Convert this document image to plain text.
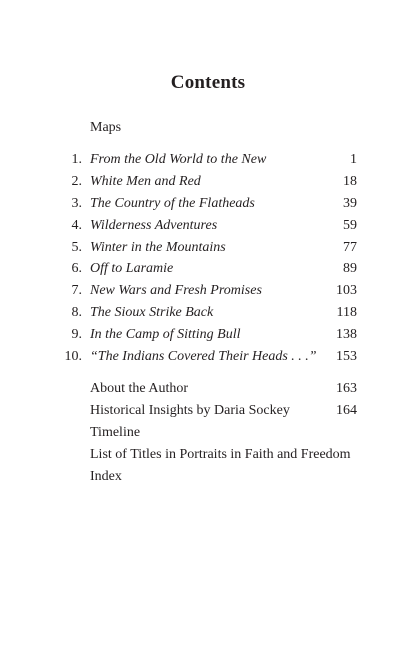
Contents
Maps
1. From the Old World to the New	1
2. White Men and Red	18
3. The Country of the Flatheads	39
4. Wilderness Adventures	59
5. Winter in the Mountains	77
6. Off to Laramie	89
7. New Wars and Fresh Promises	103
8. The Sioux Strike Back	118
9. In the Camp of Sitting Bull	138
10. “The Indians Covered Their Heads . . .” 153
About the Author	163
Historical Insights by Daria Sockey	164
Timeline
List of Titles in Portraits in Faith and Freedom
Index
